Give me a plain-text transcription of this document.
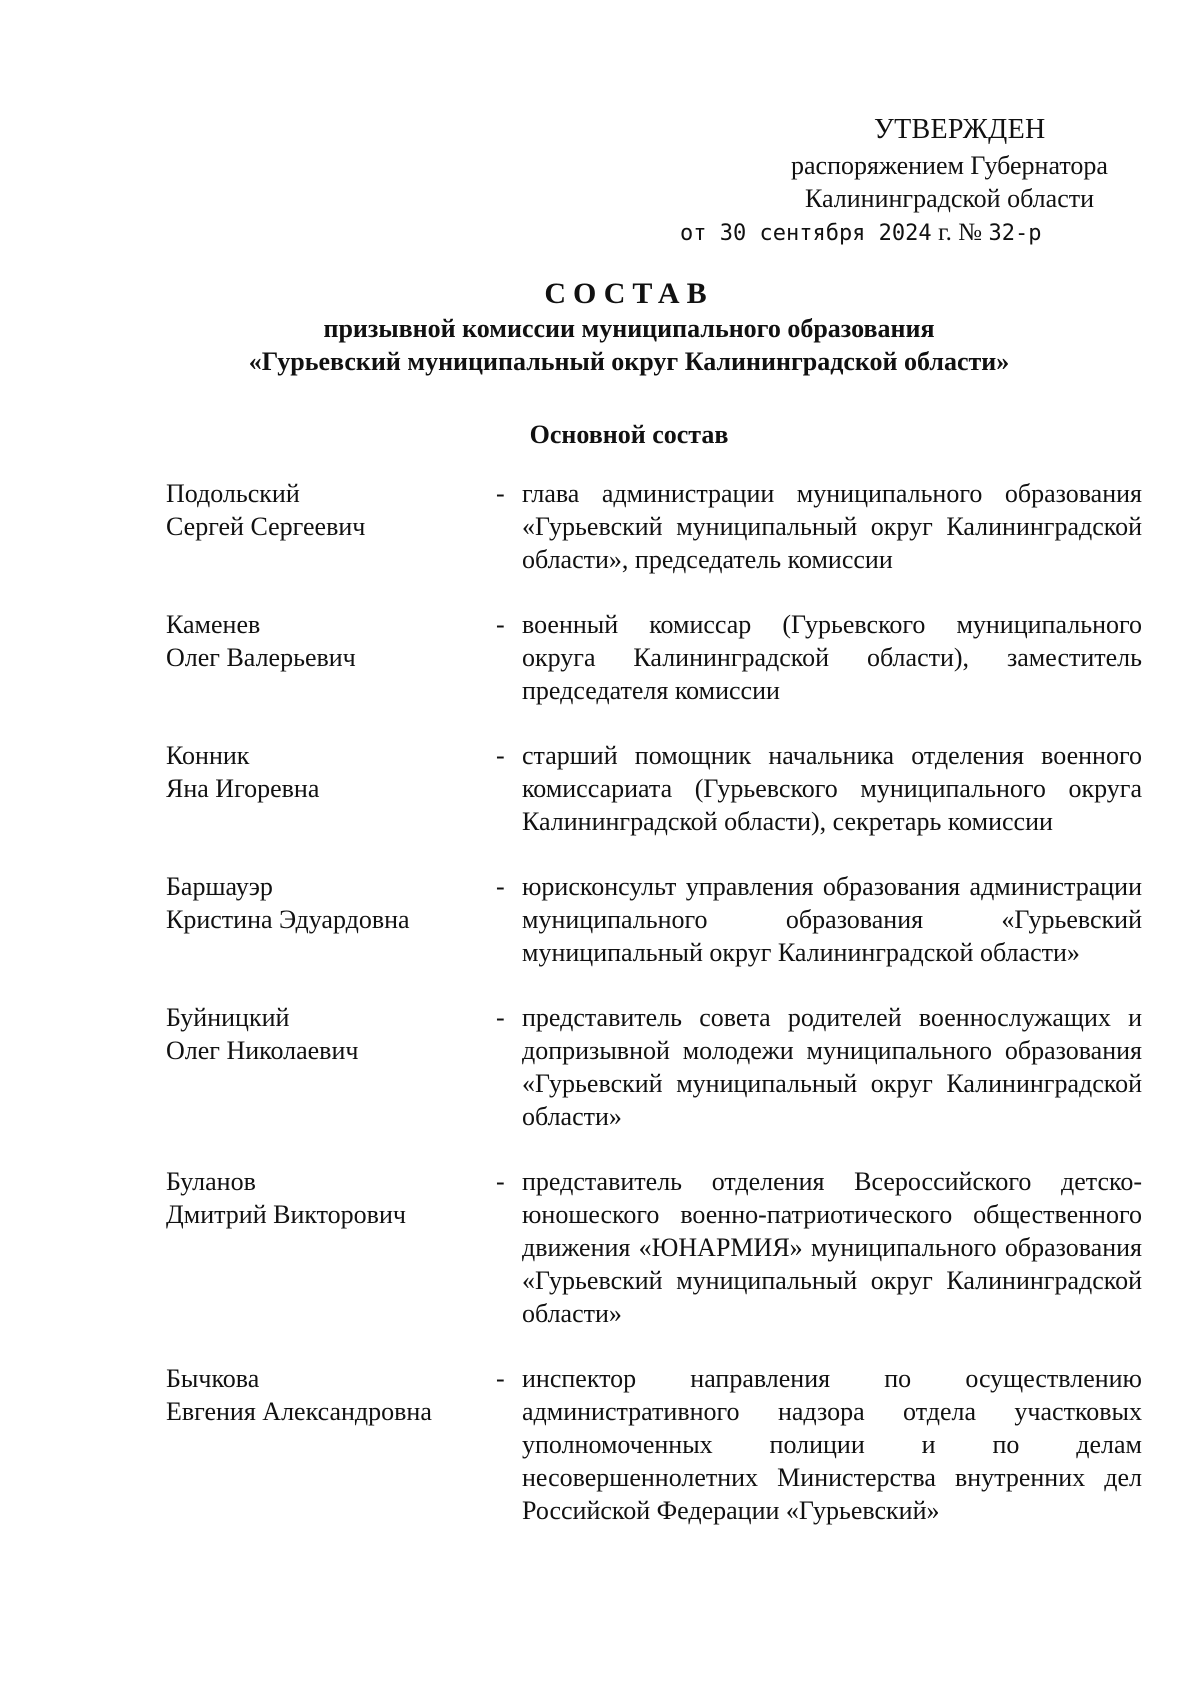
УТВЕРЖДЕН
распоряжением Губернатора
Калининградской области
от 30 сентября 2024 г. № 32-р
СОСТАВ
призывной комиссии муниципального образования
«Гурьевский муниципальный округ Калининградской области»
Основной состав
Подольский
Сергей Сергеевич
- глава администрации муниципального образования «Гурьевский муниципальный округ Калининградской области», председатель комиссии
Каменев
Олег Валерьевич
- военный комиссар (Гурьевского муниципального округа Калининградской области), заместитель председателя комиссии
Конник
Яна Игоревна
- старший помощник начальника отделения военного комиссариата (Гурьевского муниципального округа Калининградской области), секретарь комиссии
Баршауэр
Кристина Эдуардовна
- юрисконсульт управления образования администрации муниципального образования «Гурьевский муниципальный округ Калининградской области»
Буйницкий
Олег Николаевич
- представитель совета родителей военнослужащих и допризывной молодежи муниципального образования «Гурьевский муниципальный округ Калининградской области»
Буланов
Дмитрий Викторович
- представитель отделения Всероссийского детско-юношеского военно-патриотического общественного движения «ЮНАРМИЯ» муниципального образования «Гурьевский муниципальный округ Калининградской области»
Бычкова
Евгения Александровна
- инспектор направления по осуществлению административного надзора отдела участковых уполномоченных полиции и по делам несовершеннолетних Министерства внутренних дел Российской Федерации «Гурьевский»
